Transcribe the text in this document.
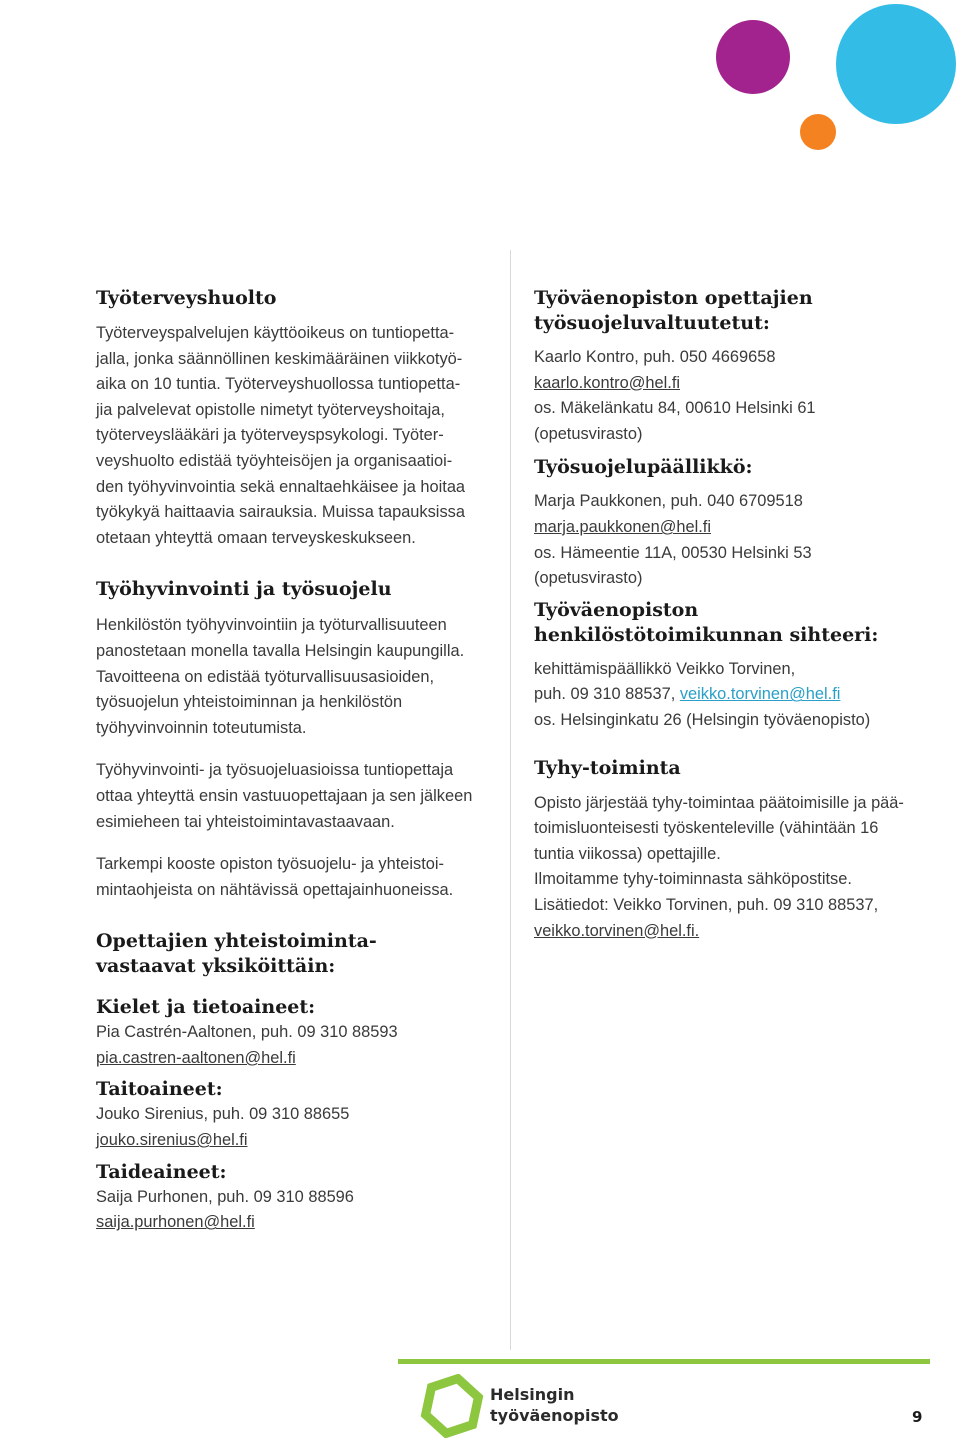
Työterveyshuolto

Työterveyspalvelujen käyttöoikeus on tuntiopetta-
jalla, jonka säännöllinen keskimääräinen viikkotyö-
aika on 10 tuntia. Työterveyshuollossa tuntiopetta-
jia palvelevat opistolle nimetyt työterveyshoitaja,
työterveyslääkäri ja työterveyspsykologi. Työter-
veyshuolto edistää työyhteisöjen ja organisaatioi-
den työhyvinvointia sekä ennaltaehkäisee ja hoitaa
työkykyä haittaavia sairauksia. Muissa tapauksissa
otetaan yhteyttä omaan terveyskeskukseen.

Työhyvinvointi ja työsuojelu

Henkilöstön työhyvinvointiin ja työturvallisuuteen
panostetaan monella tavalla Helsingin kaupungilla.
Tavoitteena on edistää työturvallisuusasioiden,
työsuojelun yhteistoiminnan ja henkilöstön
työhyvinvoinnin toteutumista.

Työhyvinvointi- ja työsuojeluasioissa tuntiopettaja
ottaa yhteyttä ensin vastuuopettajaan ja sen jälkeen
esimieheen tai yhteistoimintavastaavaan.

Tarkempi kooste opiston työsuojelu- ja yhteistoi-
mintaohjeista on nähtävissä opettajainhuoneissa.

Opettajien yhteistoiminta-
vastaavat yksiköittäin:
Kielet ja tietoaineet:
Pia Castrén-Aaltonen, puh. 09 310 88593
pia.castren-aaltonen@hel.fi
Taitoaineet:
Jouko Sirenius, puh. 09 310 88655
jouko.sirenius@hel.fi
Taideaineet:
Saija Purhonen, puh. 09 310 88596
saija.purhonen@hel.fi
Työväenopiston opettajien
työsuojeluvaltuutetut:
Kaarlo Kontro, puh. 050 4669658
kaarlo.kontro@hel.fi
os. Mäkelänkatu 84, 00610 Helsinki 61
(opetusvirasto)
Työsuojelupäällikkö:
Marja Paukkonen, puh. 040 6709518
marja.paukkonen@hel.fi
os. Hämeentie 11A, 00530 Helsinki 53
(opetusvirasto)
Työväenopiston
henkilöstötoimikunnan sihteeri:
kehittämispäällikkö Veikko Torvinen,
puh. 09 310 88537, veikko.torvinen@hel.fi
os. Helsinginkatu 26 (Helsingin työväenopisto)
Tyhy-toiminta

Opisto järjestää tyhy-toimintaa päätoimisille ja pää-
toimisluonteisesti työskenteleville (vähintään 16
tuntia viikossa) opettajille.
Ilmoitamme tyhy-toiminnasta sähköpostitse.
Lisätiedot: Veikko Torvinen, puh. 09 310 88537,

veikko.torvinen@hel.fi.
Helsingin
työväenopisto	9
